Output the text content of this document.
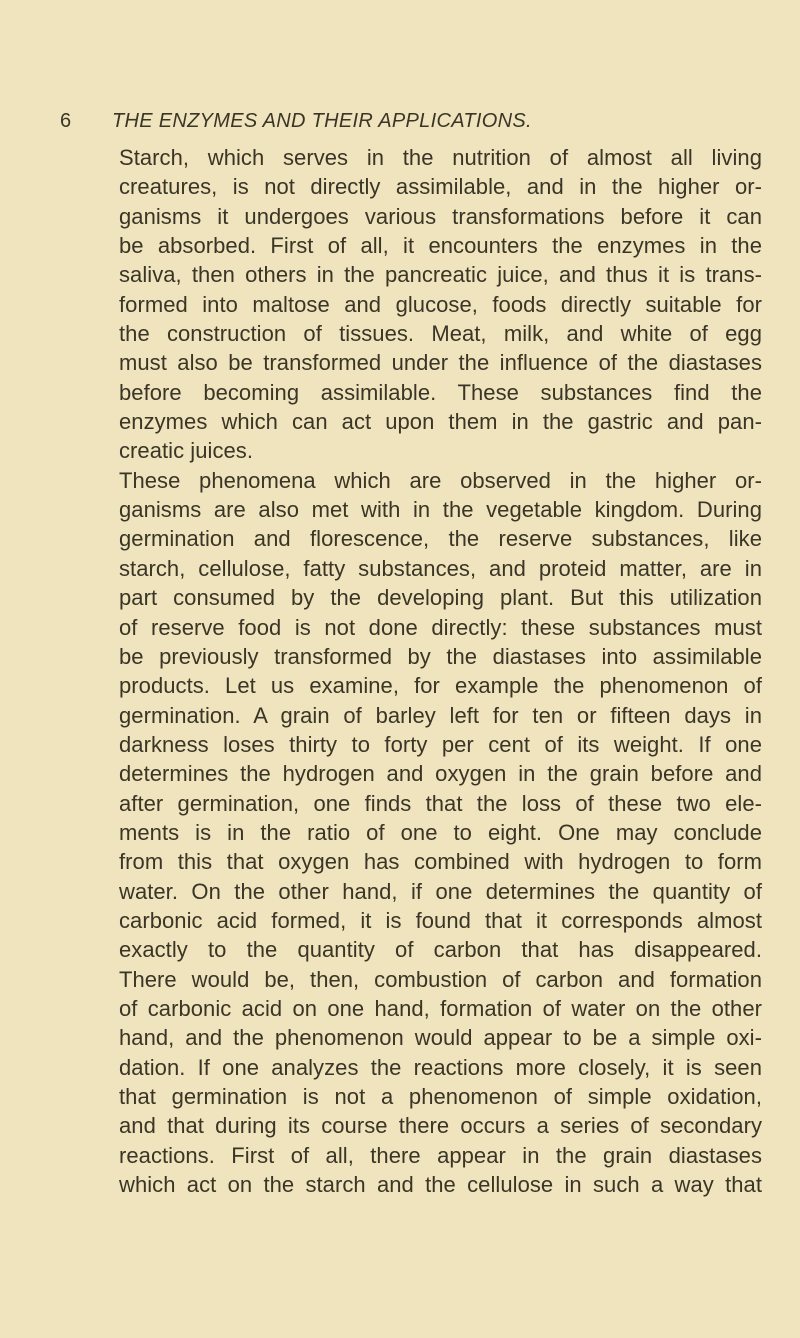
6 THE ENZYMES AND THEIR APPLICATIONS.
Starch, which serves in the nutrition of almost all living
creatures, is not directly assimilable, and in the higher or-
ganisms it undergoes various transformations before it can
be absorbed. First of all, it encounters the enzymes in the
saliva, then others in the pancreatic juice, and thus it is trans-
formed into maltose and glucose, foods directly suitable for
the construction of tissues. Meat, milk, and white of egg
must also be transformed under the influence of the diastases
before becoming assimilable. These substances find the
enzymes which can act upon them in the gastric and pan-
creatic juices.
These phenomena which are observed in the higher or-
ganisms are also met with in the vegetable kingdom. During
germination and florescence, the reserve substances, like
starch, cellulose, fatty substances, and proteid matter, are in
part consumed by the developing plant. But this utilization
of reserve food is not done directly: these substances must
be previously transformed by the diastases into assimilable
products. Let us examine, for example the phenomenon of
germination. A grain of barley left for ten or fifteen days in
darkness loses thirty to forty per cent of its weight. If one
determines the hydrogen and oxygen in the grain before and
after germination, one finds that the loss of these two ele-
ments is in the ratio of one to eight. One may conclude
from this that oxygen has combined with hydrogen to form
water. On the other hand, if one determines the quantity of
carbonic acid formed, it is found that it corresponds almost
exactly to the quantity of carbon that has disappeared.
There would be, then, combustion of carbon and formation
of carbonic acid on one hand, formation of water on the other
hand, and the phenomenon would appear to be a simple oxi-
dation. If one analyzes the reactions more closely, it is seen
that germination is not a phenomenon of simple oxidation,
and that during its course there occurs a series of secondary
reactions. First of all, there appear in the grain diastases
which act on the starch and the cellulose in such a way that
